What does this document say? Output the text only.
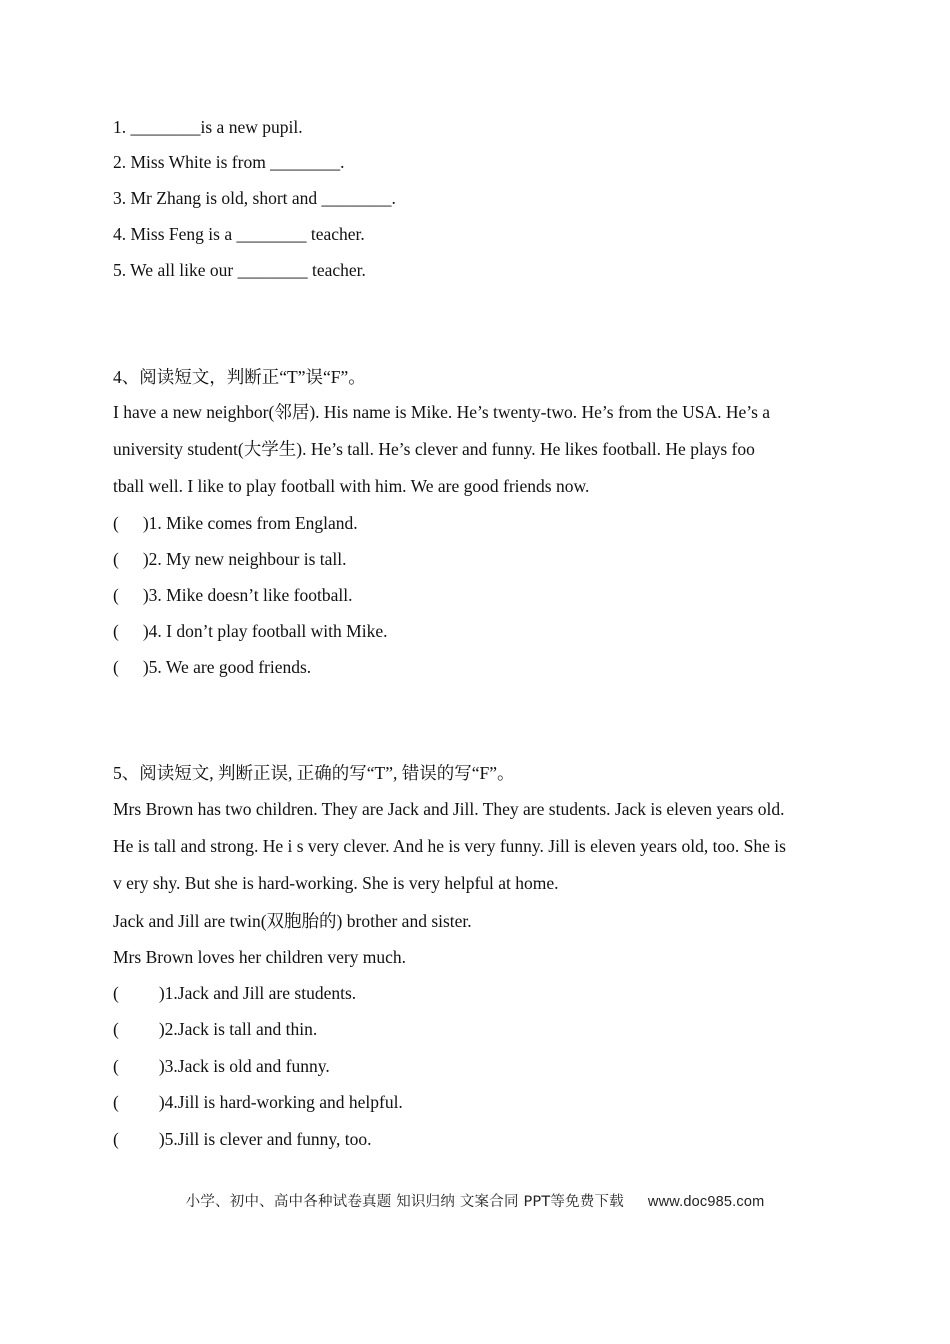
1. ________is a new pupil.
2. Miss White is from ________.
3. Mr Zhang is old, short and ________.
4. Miss Feng is a ________ teacher.
5. We all like our ________ teacher.
4、阅读短文，判断正“T”误“F”。
I have a new neighbor(邻居). His name is Mike. He’s twenty-two. He’s from the USA. He’s a
university student(大学生). He’s tall. He’s clever and funny. He likes football. He plays foo
tball well. I like to play football with him. We are good friends now.
( )1. Mike comes from England.
( )2. My new neighbour is tall.
( )3. Mike doesn’t like football.
( )4. I don’t play football with Mike.
( )5. We are good friends.
5、阅读短文, 判断正误, 正确的写“T”, 错误的写“F”。
Mrs Brown has two children. They are Jack and Jill. They are students. Jack is eleven years old.
He is tall and strong. He i s very clever. And he is very funny. Jill is eleven years old, too. She is
v ery shy. But she is hard-working. She is very helpful at home.
Jack and Jill are twin(双胞胎的) brother and sister.
Mrs Brown loves her children very much.
( )1.Jack and Jill are students.
( )2.Jack is tall and thin.
( )3.Jack is old and funny.
( )4.Jill is hard-working and helpful.
( )5.Jill is clever and funny, too.
小学、初中、高中各种试卷真题 知识归纳 文案合同 PPT等免费下载 www.doc985.com
